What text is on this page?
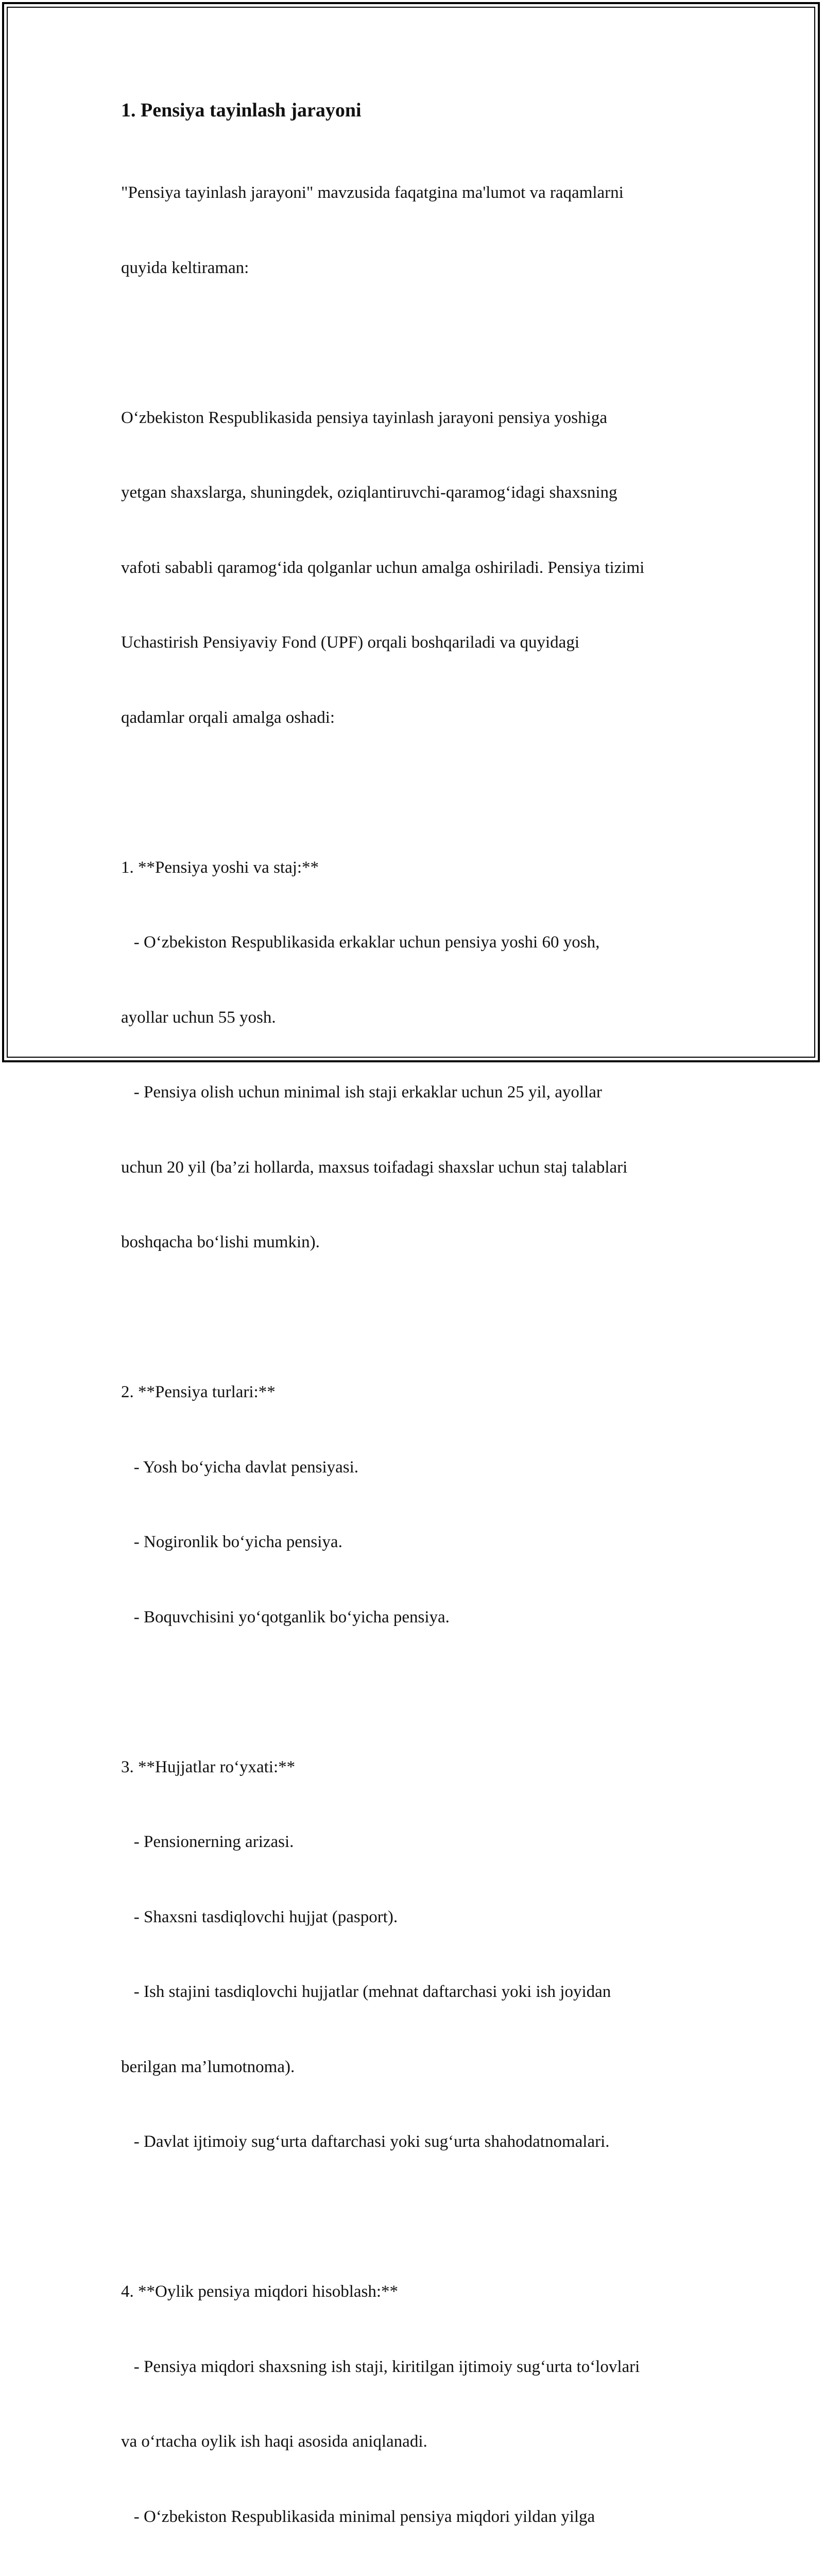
1. Pensiya tayinlash jarayoni

"Pensiya tayinlash jarayoni" mavzusida faqatgina ma'lumot va raqamlarni

quyida keltiraman:

O‘zbekiston Respublikasida pensiya tayinlash jarayoni pensiya yoshiga

yetgan shaxslarga, shuningdek, oziqlantiruvchi-qaramog‘idagi shaxsning

vafoti sababli qaramog‘ida qolganlar uchun amalga oshiriladi. Pensiya tizimi

Uchastirish Pensiyaviy Fond (UPF) orqali boshqariladi va quyidagi

qadamlar orqali amalga oshadi:

1. **Pensiya yoshi va staj:**

- O‘zbekiston Respublikasida erkaklar uchun pensiya yoshi 60 yosh,

ayollar uchun 55 yosh.

- Pensiya olish uchun minimal ish staji erkaklar uchun 25 yil, ayollar

uchun 20 yil (ba’zi hollarda, maxsus toifadagi shaxslar uchun staj talablari

boshqacha bo‘lishi mumkin).

2. **Pensiya turlari:**

- Yosh bo‘yicha davlat pensiyasi.

- Nogironlik bo‘yicha pensiya.

- Boquvchisini yo‘qotganlik bo‘yicha pensiya.

3. **Hujjatlar ro‘yxati:**

- Pensionerning arizasi.

- Shaxsni tasdiqlovchi hujjat (pasport).

- Ish stajini tasdiqlovchi hujjatlar (mehnat daftarchasi yoki ish joyidan

berilgan ma’lumotnoma).

- Davlat ijtimoiy sug‘urta daftarchasi yoki sug‘urta shahodatnomalari.

4. **Oylik pensiya miqdori hisoblash:**

- Pensiya miqdori shaxsning ish staji, kiritilgan ijtimoiy sug‘urta to‘lovlari

va o‘rtacha oylik ish haqi asosida aniqlanadi.

- O‘zbekiston Respublikasida minimal pensiya miqdori yildan yilga
